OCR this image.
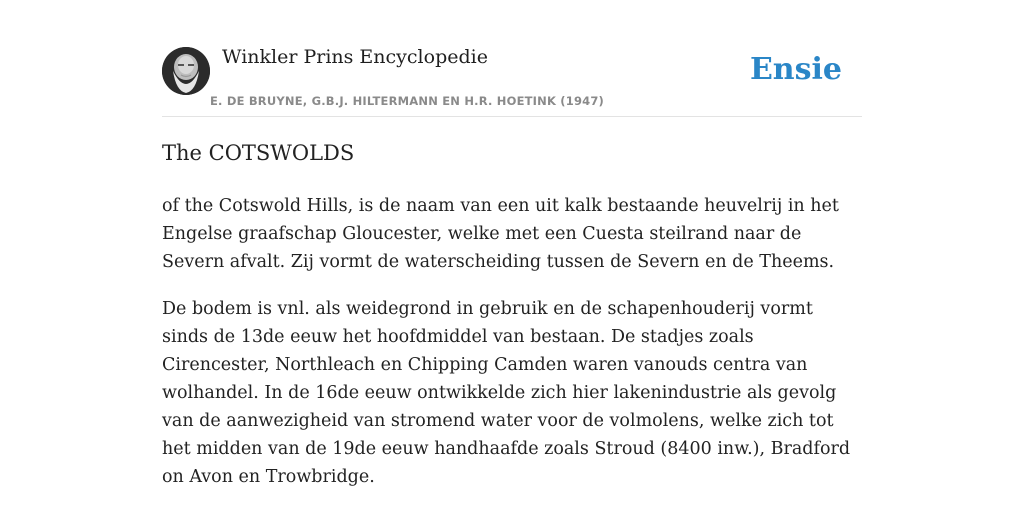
Winkler Prins Encyclopedie
E. DE BRUYNE, G.B.J. HILTERMANN EN H.R. HOETINK (1947)
Ensie
The COTSWOLDS

of the Cotswold Hills, is de naam van een uit kalk bestaande heuvelrij in het Engelse graafschap Gloucester, welke met een Cuesta steilrand naar de Severn afvalt. Zij vormt de waterscheiding tussen de Severn en de Theems.

De bodem is vnl. als weidegrond in gebruik en de schapenhouderij vormt sinds de 13de eeuw het hoofdmiddel van bestaan. De stadjes zoals Cirencester, Northleach en Chipping Camden waren vanouds centra van wolhandel. In de 16de eeuw ontwikkelde zich hier lakenindustrie als gevolg van de aanwezigheid van stromend water voor de volmolens, welke zich tot het midden van de 19de eeuw handhaafde zoals Stroud (8400 inw.), Bradford on Avon en Trowbridge.
